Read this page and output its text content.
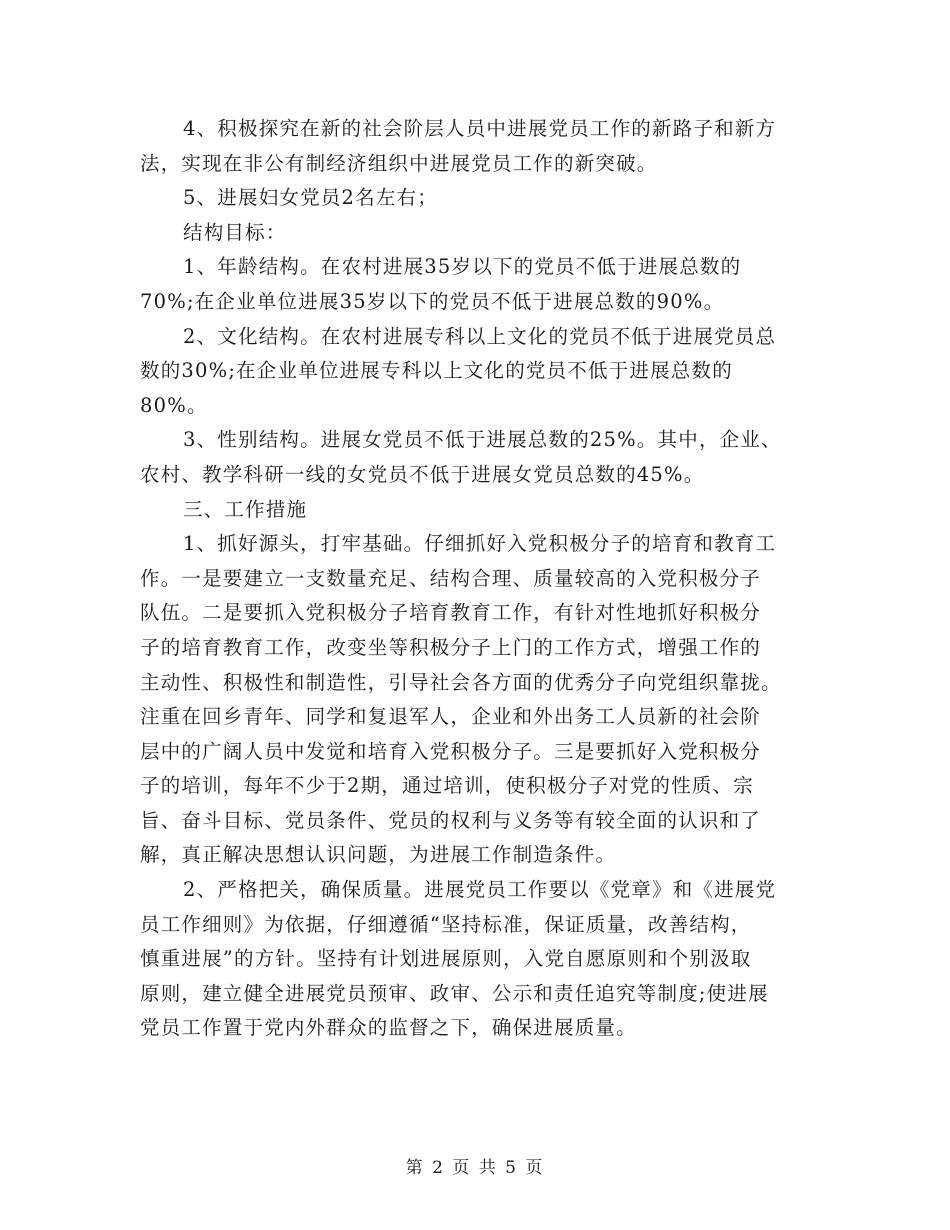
4、积极探究在新的社会阶层人员中进展党员工作的新路子和新方
法，实现在非公有制经济组织中进展党员工作的新突破。
5、进展妇女党员2名左右；
结构目标：
1、年龄结构。在农村进展35岁以下的党员不低于进展总数的
70%;在企业单位进展35岁以下的党员不低于进展总数的90%。
2、文化结构。在农村进展专科以上文化的党员不低于进展党员总
数的30%;在企业单位进展专科以上文化的党员不低于进展总数的
80%。
3、性别结构。进展女党员不低于进展总数的25%。其中，企业、
农村、教学科研一线的女党员不低于进展女党员总数的45%。
三、工作措施
1、抓好源头，打牢基础。仔细抓好入党积极分子的培育和教育工
作。一是要建立一支数量充足、结构合理、质量较高的入党积极分子
队伍。二是要抓入党积极分子培育教育工作，有针对性地抓好积极分
子的培育教育工作，改变坐等积极分子上门的工作方式，增强工作的
主动性、积极性和制造性，引导社会各方面的优秀分子向党组织靠拢。
注重在回乡青年、同学和复退军人，企业和外出务工人员新的社会阶
层中的广阔人员中发觉和培育入党积极分子。三是要抓好入党积极分
子的培训，每年不少于2期，通过培训，使积极分子对党的性质、宗
旨、奋斗目标、党员条件、党员的权利与义务等有较全面的认识和了
解，真正解决思想认识问题，为进展工作制造条件。
2、严格把关，确保质量。进展党员工作要以《党章》和《进展党
员工作细则》为依据，仔细遵循“坚持标准，保证质量，改善结构，
慎重进展”的方针。坚持有计划进展原则，入党自愿原则和个别汲取
原则，建立健全进展党员预审、政审、公示和责任追究等制度;使进展
党员工作置于党内外群众的监督之下，确保进展质量。
第 2 页 共 5 页
